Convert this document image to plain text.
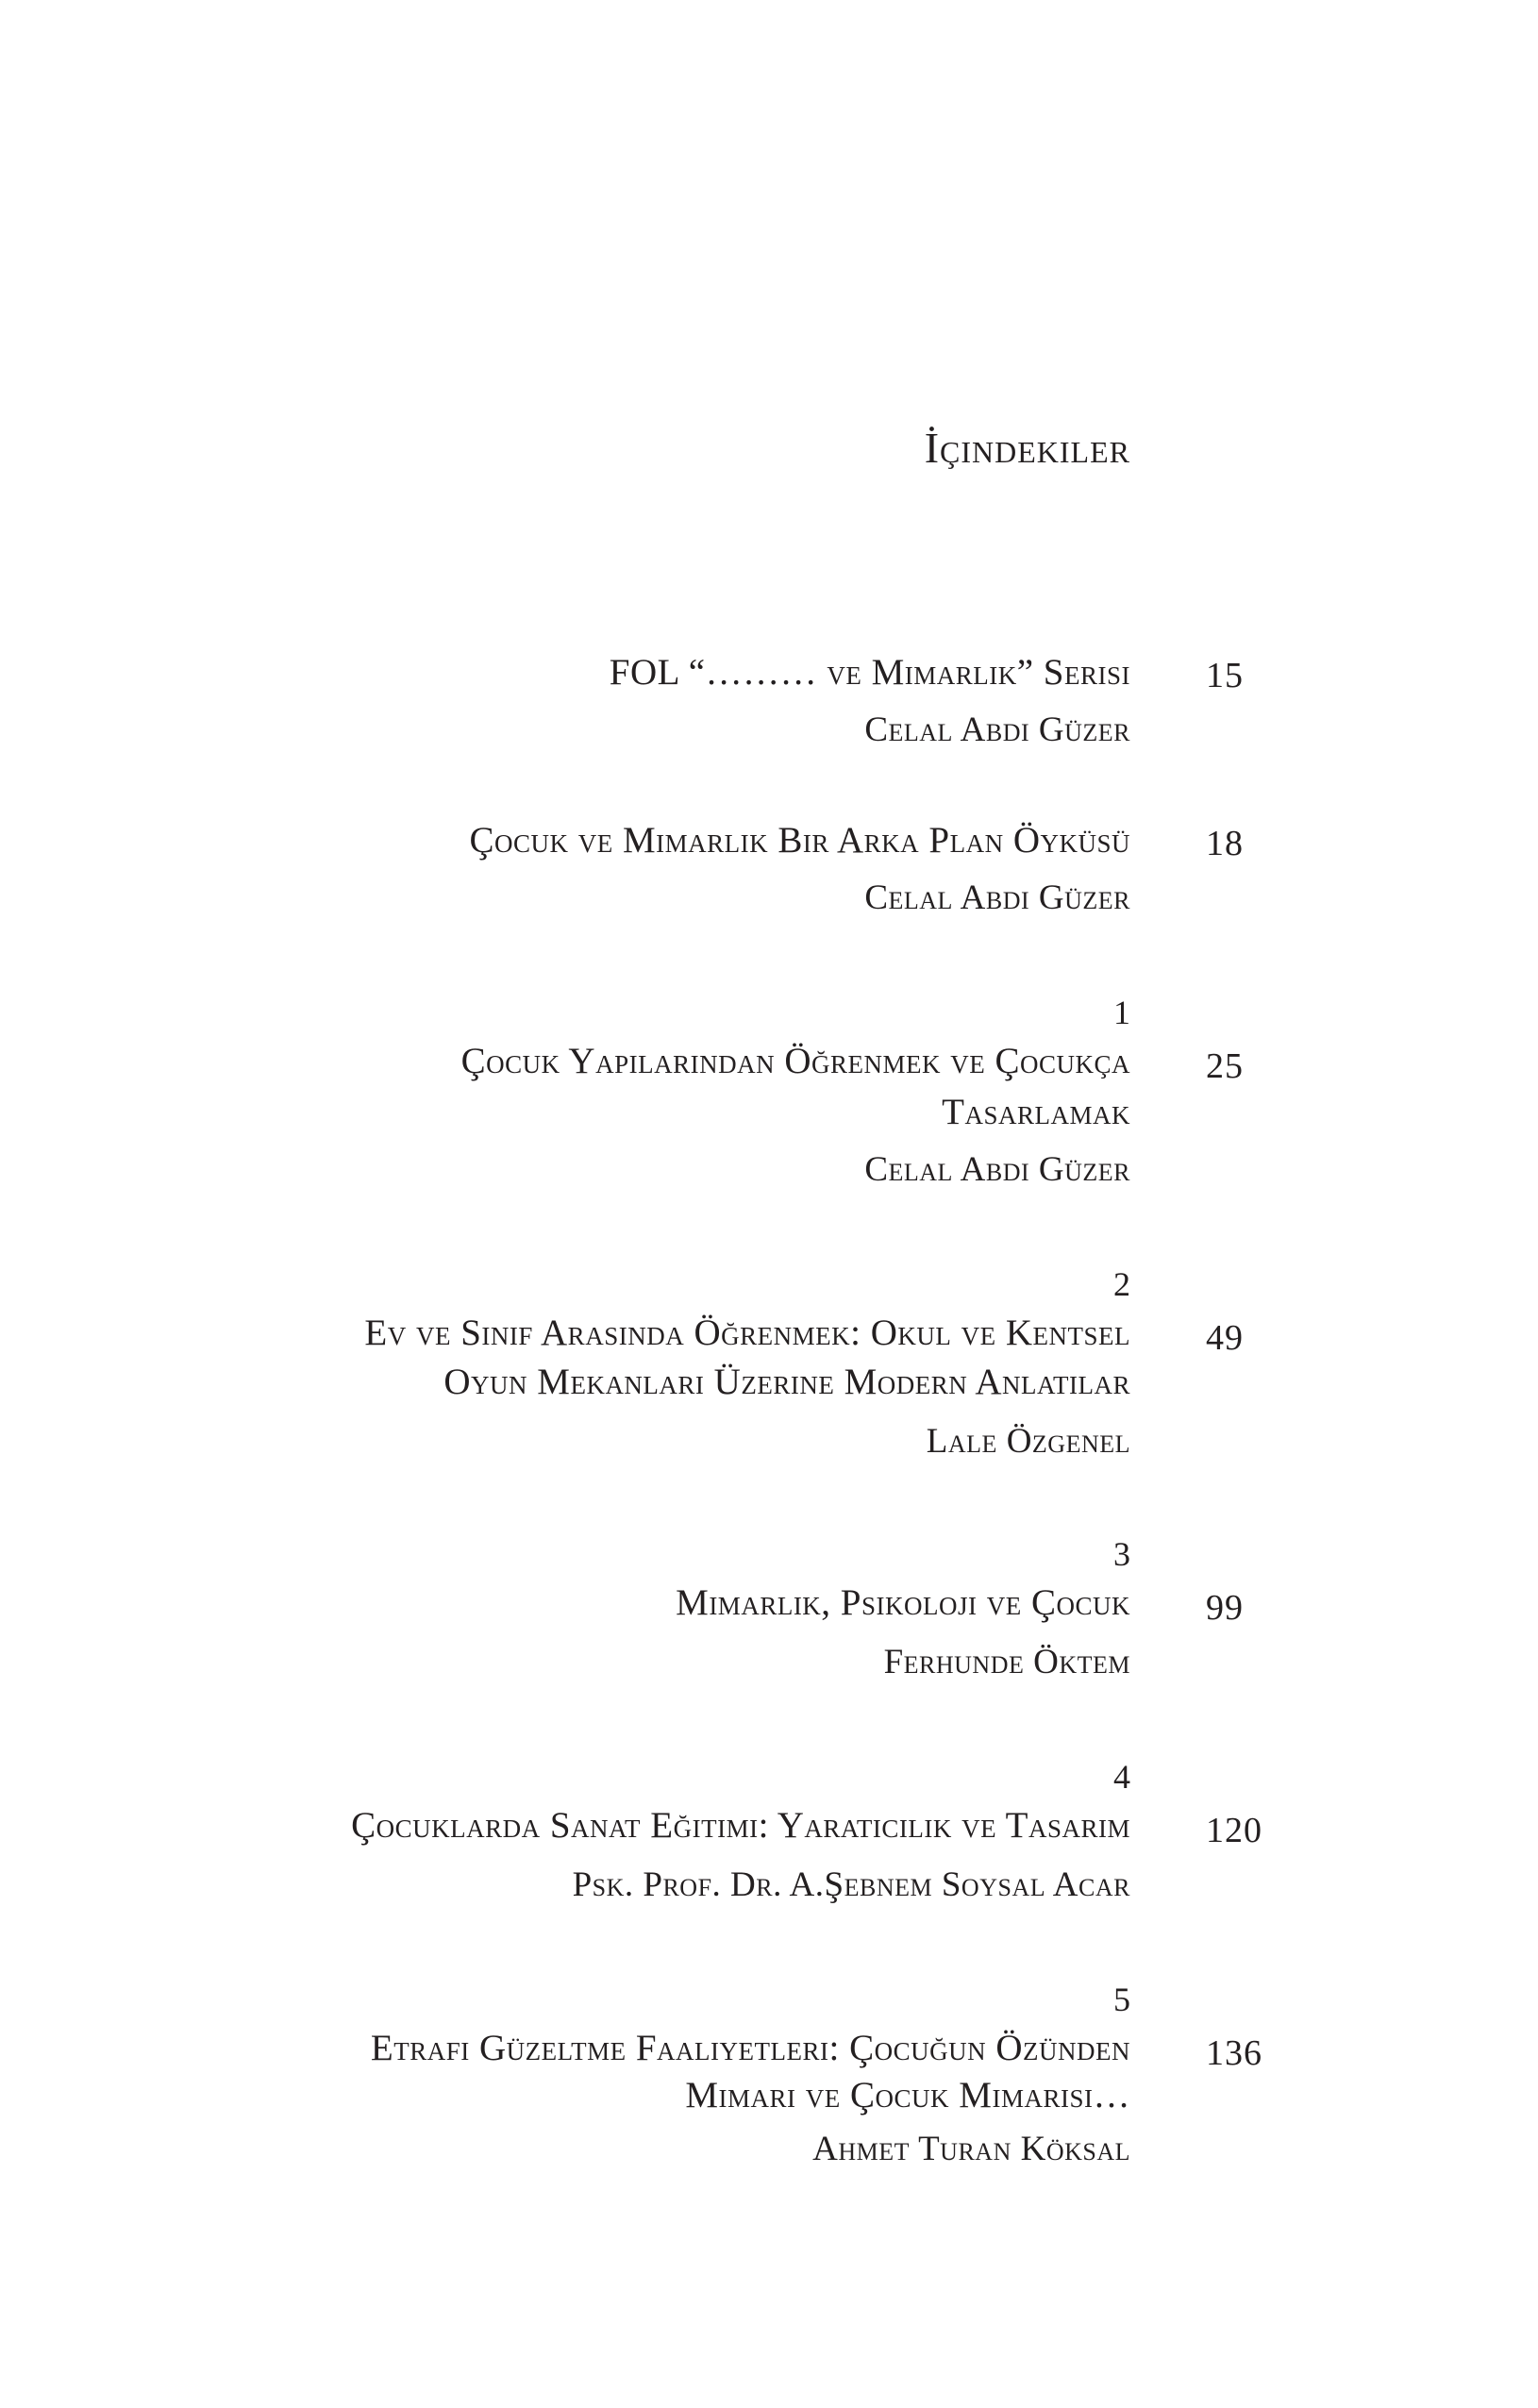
İçindekiler
FOL “……… ve Mimarlık” Serisi 15
Celal Abdi Güzer
Çocuk ve Mimarlık Bir Arka Plan Öyküsü 18
Celal Abdi Güzer
1
Çocuk Yapılarından Öğrenmek ve Çocukça 25
Tasarlamak
Celal Abdi Güzer
2
Ev ve Sınıf Arasında Öğrenmek: Okul ve Kentsel 49
Oyun Mekanları Üzerine Modern Anlatılar
Lale Özgenel
3
Mimarlık, Psikoloji ve Çocuk 99
Ferhunde Öktem
4
Çocuklarda Sanat Eğitimi: Yaratıcılık ve Tasarım 120
Psk. Prof. Dr. A.Şebnem Soysal Acar
5
Etrafı Güzeltme Faaliyetleri: Çocuğun Özünden 136
Mimari ve Çocuk Mimarisi…
Ahmet Turan Köksal
